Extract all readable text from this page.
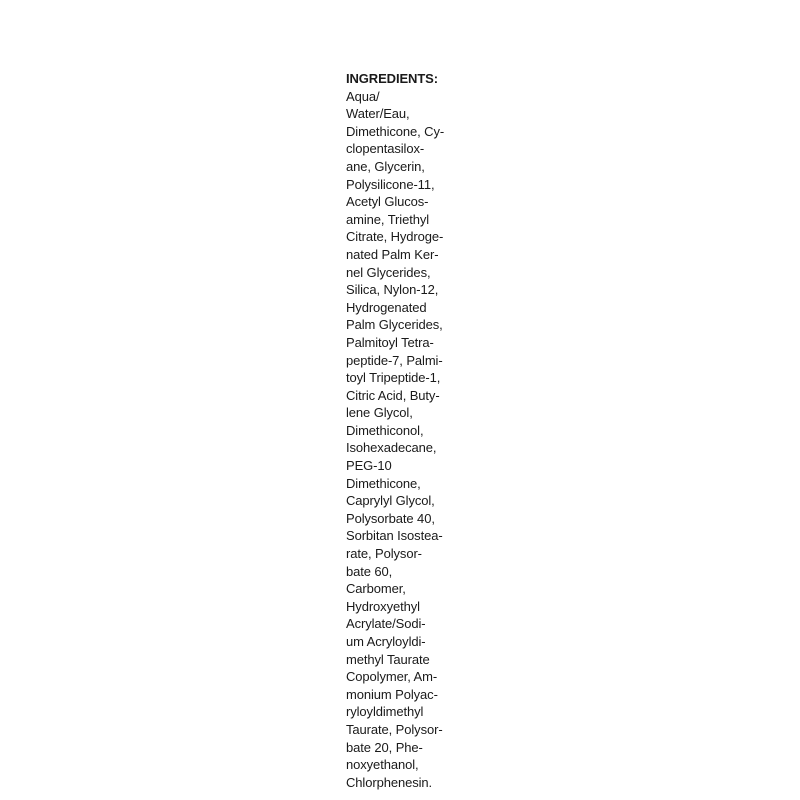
INGREDIENTS:
Aqua/
Water/Eau,
Dimethicone, Cy-
clopentasilox-
ane, Glycerin,
Polysilicone-11,
Acetyl Glucos-
amine, Triethyl
Citrate, Hydroge-
nated Palm Ker-
nel Glycerides,
Silica, Nylon-12,
Hydrogenated
Palm Glycerides,
Palmitoyl Tetra-
peptide-7, Palmi-
toyl Tripeptide-1,
Citric Acid, Buty-
lene Glycol,
Dimethiconol,
Isohexadecane,
PEG-10
Dimethicone,
Caprylyl Glycol,
Polysorbate 40,
Sorbitan Isostea-
rate, Polysor-
bate 60,
Carbomer,
Hydroxyethyl
Acrylate/Sodi-
um Acryloyldi-
methyl Taurate
Copolymer, Am-
monium Polyac-
ryloyldimethyl
Taurate, Polysor-
bate 20, Phe-
noxyethanol,
Chlorphenesin.
